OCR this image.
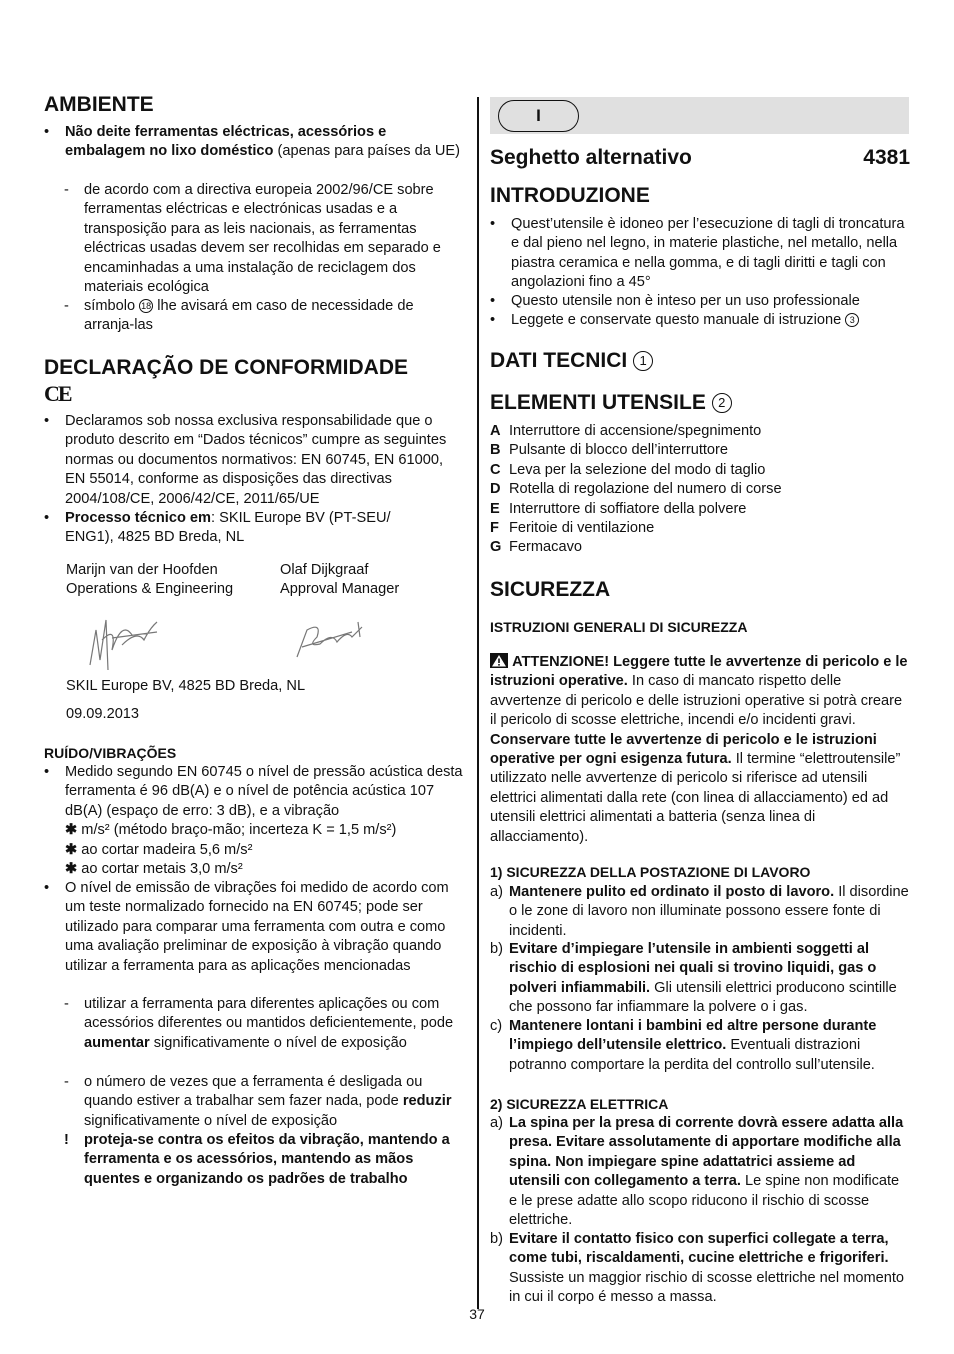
AMBIENTE
• Não deite ferramentas eléctricas, acessórios e embalagem no lixo doméstico (apenas para países da UE)
- de acordo com a directiva europeia 2002/96/CE sobre ferramentas eléctricas e electrónicas usadas e a transposição para as leis nacionais, as ferramentas eléctricas usadas devem ser recolhidas em separado e encaminhadas a uma instalação de reciclagem dos materiais ecológica
- símbolo 18 lhe avisará em caso de necessidade de arranja-las
DECLARAÇÃO DE CONFORMIDADE
CE
• Declaramos sob nossa exclusiva responsabilidade que o produto descrito em “Dados técnicos” cumpre as seguintes normas ou documentos normativos: EN 60745, EN 61000, EN 55014, conforme as disposições das directivas 2004/108/CE, 2006/42/CE, 2011/65/UE
• Processo técnico em: SKIL Europe BV (PT-SEU/ ENG1), 4825 BD Breda, NL
Marijn van der Hoofden
Operations & Engineering
Olaf Dijkgraaf
Approval Manager
SKIL Europe BV, 4825 BD Breda, NL
09.09.2013
RUÍDO/VIBRAÇÕES
• Medido segundo EN 60745 o nível de pressão acústica desta ferramenta é 96 dB(A) e o nível de potência acústica 107 dB(A) (espaço de erro: 3 dB), e a vibração
✱ m/s² (método braço-mão; incerteza K = 1,5 m/s²)
✱ ao cortar madeira 5,6 m/s²
✱ ao cortar metais 3,0 m/s²
• O nível de emissão de vibrações foi medido de acordo com um teste normalizado fornecido na EN 60745; pode ser utilizado para comparar uma ferramenta com outra e como uma avaliação preliminar de exposição à vibração quando utilizar a ferramenta para as aplicações mencionadas
- utilizar a ferramenta para diferentes aplicações ou com acessórios diferentes ou mantidos deficientemente, pode aumentar significativamente o nível de exposição
- o número de vezes que a ferramenta é desligada ou quando estiver a trabalhar sem fazer nada, pode reduzir significativamente o nível de exposição
! proteja-se contra os efeitos da vibração, mantendo a ferramenta e os acessórios, mantendo as mãos quentes e organizando os padrões de trabalho
I
Seghetto alternativo	4381
INTRODUZIONE
• Quest’utensile è idoneo per l’esecuzione di tagli di troncatura e dal pieno nel legno, in materie plastiche, nel metallo, nella piastra ceramica e nella gomma, e di tagli diritti e tagli con angolazioni fino a 45°
• Questo utensile non è inteso per un uso professionale
• Leggete e conservate questo manuale di istruzione 3
DATI TECNICI 1
ELEMENTI UTENSILE 2
A Interruttore di accensione/spegnimento
B Pulsante di blocco dell’interruttore
C Leva per la selezione del modo di taglio
D Rotella di regolazione del numero di corse
E Interruttore di soffiatore della polvere
F Feritoie di ventilazione
G Fermacavo
SICUREZZA
ISTRUZIONI GENERALI DI SICUREZZA
ATTENZIONE! Leggere tutte le avvertenze di pericolo e le istruzioni operative. In caso di mancato rispetto delle avvertenze di pericolo e delle istruzioni operative si potrà creare il pericolo di scosse elettriche, incendi e/o incidenti gravi. Conservare tutte le avvertenze di pericolo e le istruzioni operative per ogni esigenza futura. Il termine “elettroutensile” utilizzato nelle avvertenze di pericolo si riferisce ad utensili elettrici alimentati dalla rete (con linea di allacciamento) ed ad utensili elettrici alimentati a batteria (senza linea di allacciamento).
1) SICUREZZA DELLA POSTAZIONE DI LAVORO
a) Mantenere pulito ed ordinato il posto di lavoro. Il disordine o le zone di lavoro non illuminate possono essere fonte di incidenti.
b) Evitare d’impiegare l’utensile in ambienti soggetti al rischio di esplosioni nei quali si trovino liquidi, gas o polveri infiammabili. Gli utensili elettrici producono scintille che possono far infiammare la polvere o i gas.
c) Mantenere lontani i bambini ed altre persone durante l’impiego dell’utensile elettrico. Eventuali distrazioni potranno comportare la perdita del controllo sull’utensile.
2) SICUREZZA ELETTRICA
a) La spina per la presa di corrente dovrà essere adatta alla presa. Evitare assolutamente di apportare modifiche alla spina. Non impiegare spine adattatrici assieme ad utensili con collegamento a terra. Le spine non modificate e le prese adatte allo scopo riducono il rischio di scosse elettriche.
b) Evitare il contatto fisico con superfici collegate a terra, come tubi, riscaldamenti, cucine elettriche e frigoriferi. Sussiste un maggior rischio di scosse elettriche nel momento in cui il corpo é messo a massa.
37
